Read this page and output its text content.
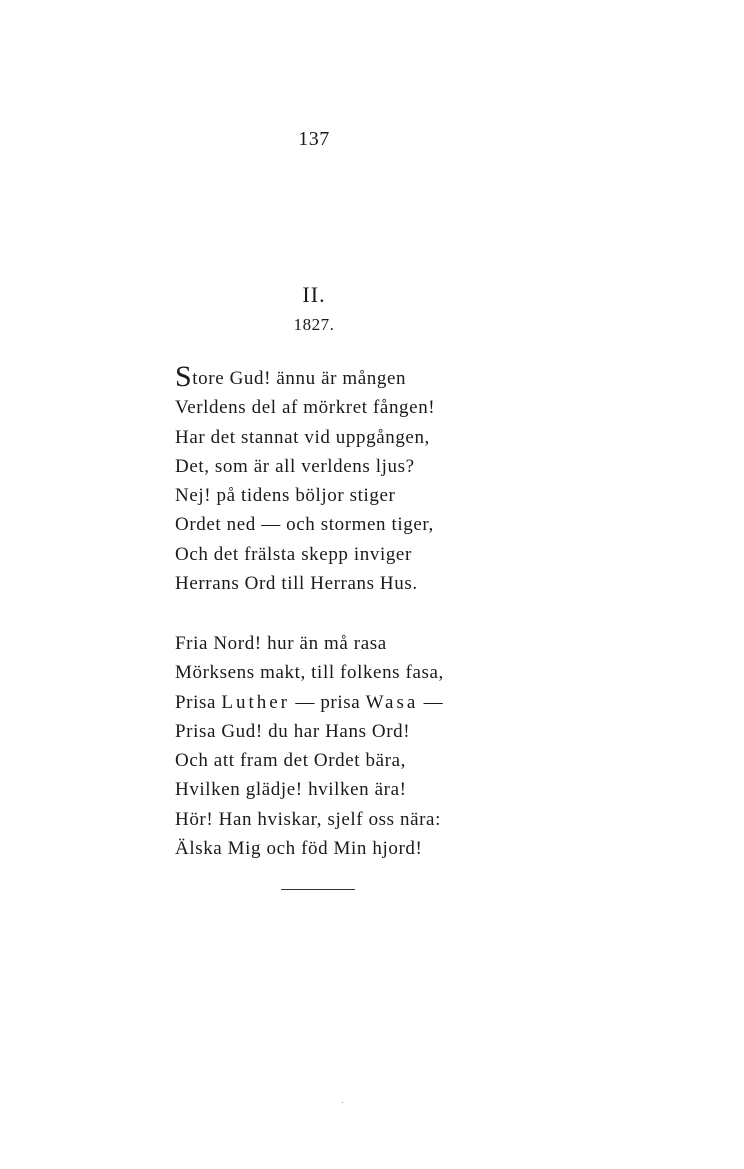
137
II.
1827.
Store Gud! ännu är mången
Verldens del af mörkret fången!
Har det stannat vid uppgången,
Det, som är all verldens ljus?
Nej! på tidens böljor stiger
Ordet ned — och stormen tiger,
Och det frälsta skepp inviger
Herrans Ord till Herrans Hus.
Fria Nord! hur än må rasa
Mörksens makt, till folkens fasa,
Prisa Luther — prisa Wasa —
Prisa Gud! du har Hans Ord!
Och att fram det Ordet bära,
Hvilken glädje! hvilken ära!
Hör! Han hviskar, sjelf oss nära:
Älska Mig och föd Min hjord!
